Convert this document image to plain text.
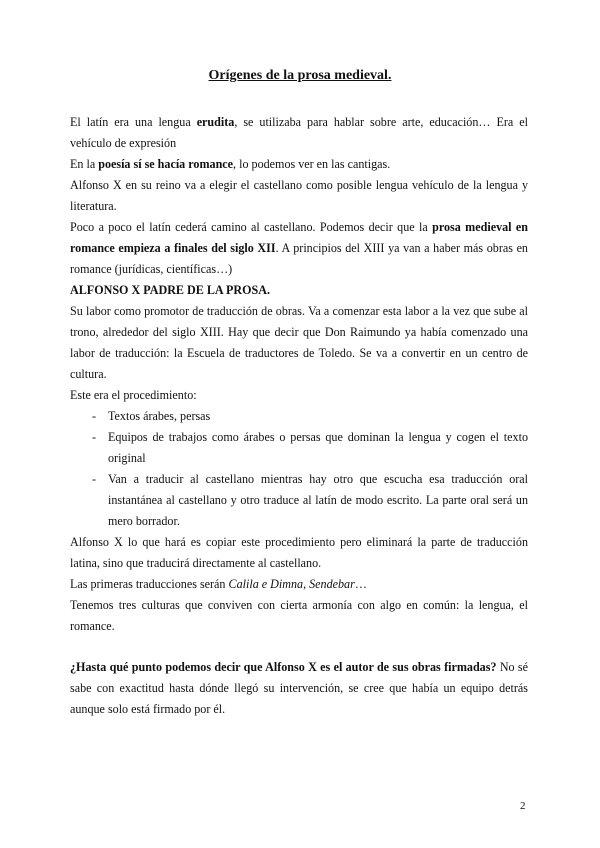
Orígenes de la prosa medieval.

El latín era una lengua erudita, se utilizaba para hablar sobre arte, educación… Era el vehículo de expresión

En la poesía sí se hacía romance, lo podemos ver en las cantigas.

Alfonso X en su reino va a elegir el castellano como posible lengua vehículo de la lengua y literatura.

Poco a poco el latín cederá camino al castellano. Podemos decir que la prosa medieval en romance empieza a finales del siglo XII. A principios del XIII ya van a haber más obras en romance (jurídicas, científicas…)

ALFONSO X PADRE DE LA PROSA.

Su labor como promotor de traducción de obras. Va a comenzar esta labor a la vez que sube al trono, alrededor del siglo XIII. Hay que decir que Don Raimundo ya había comenzado una labor de traducción: la Escuela de traductores de Toledo. Se va a convertir en un centro de cultura.

Este era el procedimiento:

- Textos árabes, persas
- Equipos de trabajos como árabes o persas que dominan la lengua y cogen el texto original
- Van a traducir al castellano mientras hay otro que escucha esa traducción oral instantánea al castellano y otro traduce al latín de modo escrito. La parte oral será un mero borrador.

Alfonso X lo que hará es copiar este procedimiento pero eliminará la parte de traducción latina, sino que traducirá directamente al castellano.

Las primeras traducciones serán Calila e Dimna, Sendebar…

Tenemos tres culturas que conviven con cierta armonía con algo en común: la lengua, el romance.

¿Hasta qué punto podemos decir que Alfonso X es el autor de sus obras firmadas? No sé sabe con exactitud hasta dónde llegó su intervención, se cree que había un equipo detrás aunque solo está firmado por él.

2
